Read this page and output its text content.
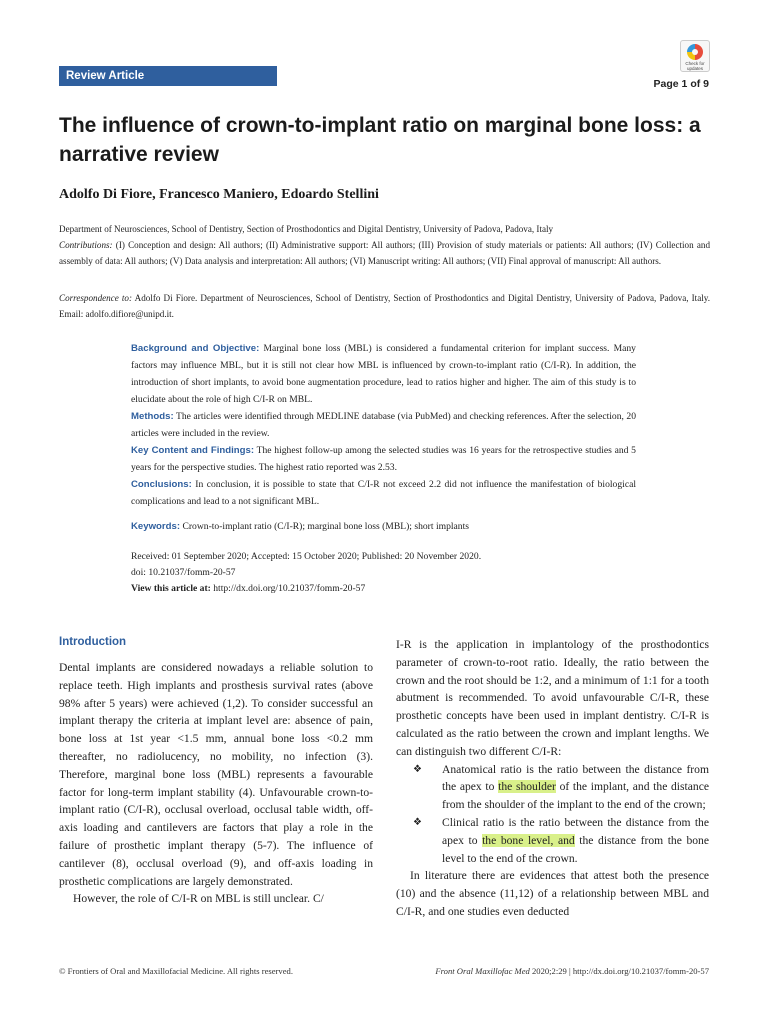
Review Article
Check for updates
Page 1 of 9
The influence of crown-to-implant ratio on marginal bone loss: a narrative review
Adolfo Di Fiore, Francesco Maniero, Edoardo Stellini
Department of Neurosciences, School of Dentistry, Section of Prosthodontics and Digital Dentistry, University of Padova, Padova, Italy
Contributions: (I) Conception and design: All authors; (II) Administrative support: All authors; (III) Provision of study materials or patients: All authors; (IV) Collection and assembly of data: All authors; (V) Data analysis and interpretation: All authors; (VI) Manuscript writing: All authors; (VII) Final approval of manuscript: All authors.
Correspondence to: Adolfo Di Fiore. Department of Neurosciences, School of Dentistry, Section of Prosthodontics and Digital Dentistry, University of Padova, Padova, Italy. Email: adolfo.difiore@unipd.it.

Background and Objective: Marginal bone loss (MBL) is considered a fundamental criterion for implant success. Many factors may influence MBL, but it is still not clear how MBL is influenced by crown-to-implant ratio (C/I-R). In addition, the introduction of short implants, to avoid bone augmentation procedure, lead to ratios higher and higher. The aim of this study is to elucidate about the role of high C/I-R on MBL.

Methods: The articles were identified through MEDLINE database (via PubMed) and checking references. After the selection, 20 articles were included in the review.

Key Content and Findings: The highest follow-up among the selected studies was 16 years for the retrospective studies and 5 years for the perspective studies. The highest ratio reported was 2.53.

Conclusions: In conclusion, it is possible to state that C/I-R not exceed 2.2 did not influence the manifestation of biological complications and lead to a not significant MBL.

Keywords: Crown-to-implant ratio (C/I-R); marginal bone loss (MBL); short implants

Received: 01 September 2020; Accepted: 15 October 2020; Published: 20 November 2020.
doi: 10.21037/fomm-20-57
View this article at: http://dx.doi.org/10.21037/fomm-20-57
Introduction

Dental implants are considered nowadays a reliable solution to replace teeth. High implants and prosthesis survival rates (above 98% after 5 years) were achieved (1,2). To consider successful an implant therapy the criteria at implant level are: absence of pain, bone loss at 1st year <1.5 mm, annual bone loss <0.2 mm thereafter, no radiolucency, no mobility, no infection (3). Therefore, marginal bone loss (MBL) represents a favourable factor for long-term implant stability (4). Unfavourable crown-to-implant ratio (C/I-R), occlusal overload, occlusal table width, off-axis loading and cantilevers are factors that play a role in the failure of prosthetic implant therapy (5-7). The influence of cantilever (8), occlusal overload (9), and off-axis loading in prosthetic complications are largely demonstrated.

However, the role of C/I-R on MBL is still unclear. C/

I-R is the application in implantology of the prosthodontics parameter of crown-to-root ratio. Ideally, the ratio between the crown and the root should be 1:2, and a minimum of 1:1 for a tooth abutment is recommended. To avoid unfavourable C/I-R, these prosthetic concepts have been used in implant dentistry. C/I-R is calculated as the ratio between the crown and implant lengths. We can distinguish two different C/I-R:

❖ Anatomical ratio is the ratio between the distance from the apex to the shoulder of the implant, and the distance from the shoulder of the implant to the end of the crown;
❖ Clinical ratio is the ratio between the distance from the apex to the bone level, and the distance from the bone level to the end of the crown.

In literature there are evidences that attest both the presence (10) and the absence (11,12) of a relationship between MBL and C/I-R, and one studies even deducted

© Frontiers of Oral and Maxillofacial Medicine. All rights reserved.	Front Oral Maxillofac Med 2020;2:29 | http://dx.doi.org/10.21037/fomm-20-57
